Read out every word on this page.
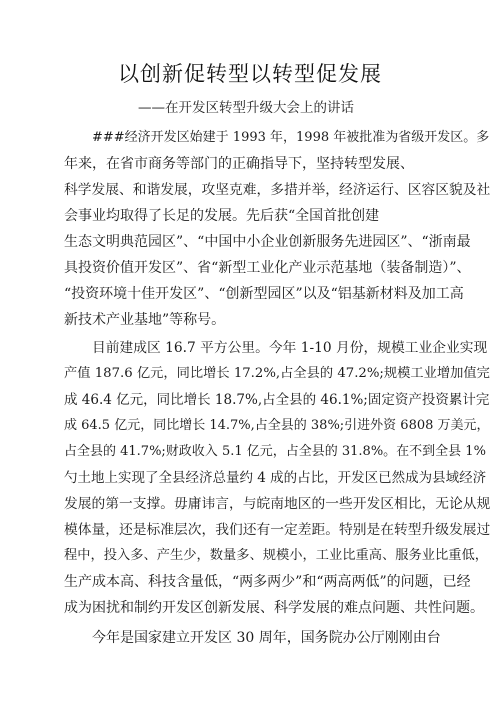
以创新促转型以转型促发展
——在开发区转型升级大会上的讲话
###经济开发区始建于 1993 年，1998 年被批准为省级开发区。多
年来，在省市商务等部门的正确指导下，坚持转型发展、
科学发展、和谐发展，攻坚克难，多措并举，经济运行、区容区貌及社
会事业均取得了长足的发展。先后获“全国首批创建
生态文明典范园区”、“中国中小企业创新服务先进园区”、“浙南最
具投资价值开发区”、省“新型工业化产业示范基地（装备制造）”、
“投资环境十佳开发区”、“创新型园区”以及“铝基新材料及加工高
新技术产业基地”等称号。
目前建成区 16.7 平方公里。今年 1-10 月份，规模工业企业实现
产值 187.6 亿元，同比增长 17.2%,占全县的 47.2%;规模工业增加值完
成 46.4 亿元，同比增长 18.7%,占全县的 46.1%;固定资产投资累计完
成 64.5 亿元，同比增长 14.7%,占全县的 38%;引进外资 6808 万美元，
占全县的 41.7%;财政收入 5.1 亿元，占全县的 31.8%。在不到全县 1%
勺土地上实现了全县经济总量约 4 成的占比，开发区已然成为县域经济
发展的第一支撑。毋庸讳言，与皖南地区的一些开发区相比，无论从规
模体量，还是标准层次，我们还有一定差距。特别是在转型升级发展过
程中，投入多、产生少，数量多、规模小，工业比重高、服务业比重低，
生产成本高、科技含量低，“两多两少”和“两高两低”的问题，已经
成为困扰和制约开发区创新发展、科学发展的难点问题、共性问题。
今年是国家建立开发区 30 周年，国务院办公厅刚刚由台
